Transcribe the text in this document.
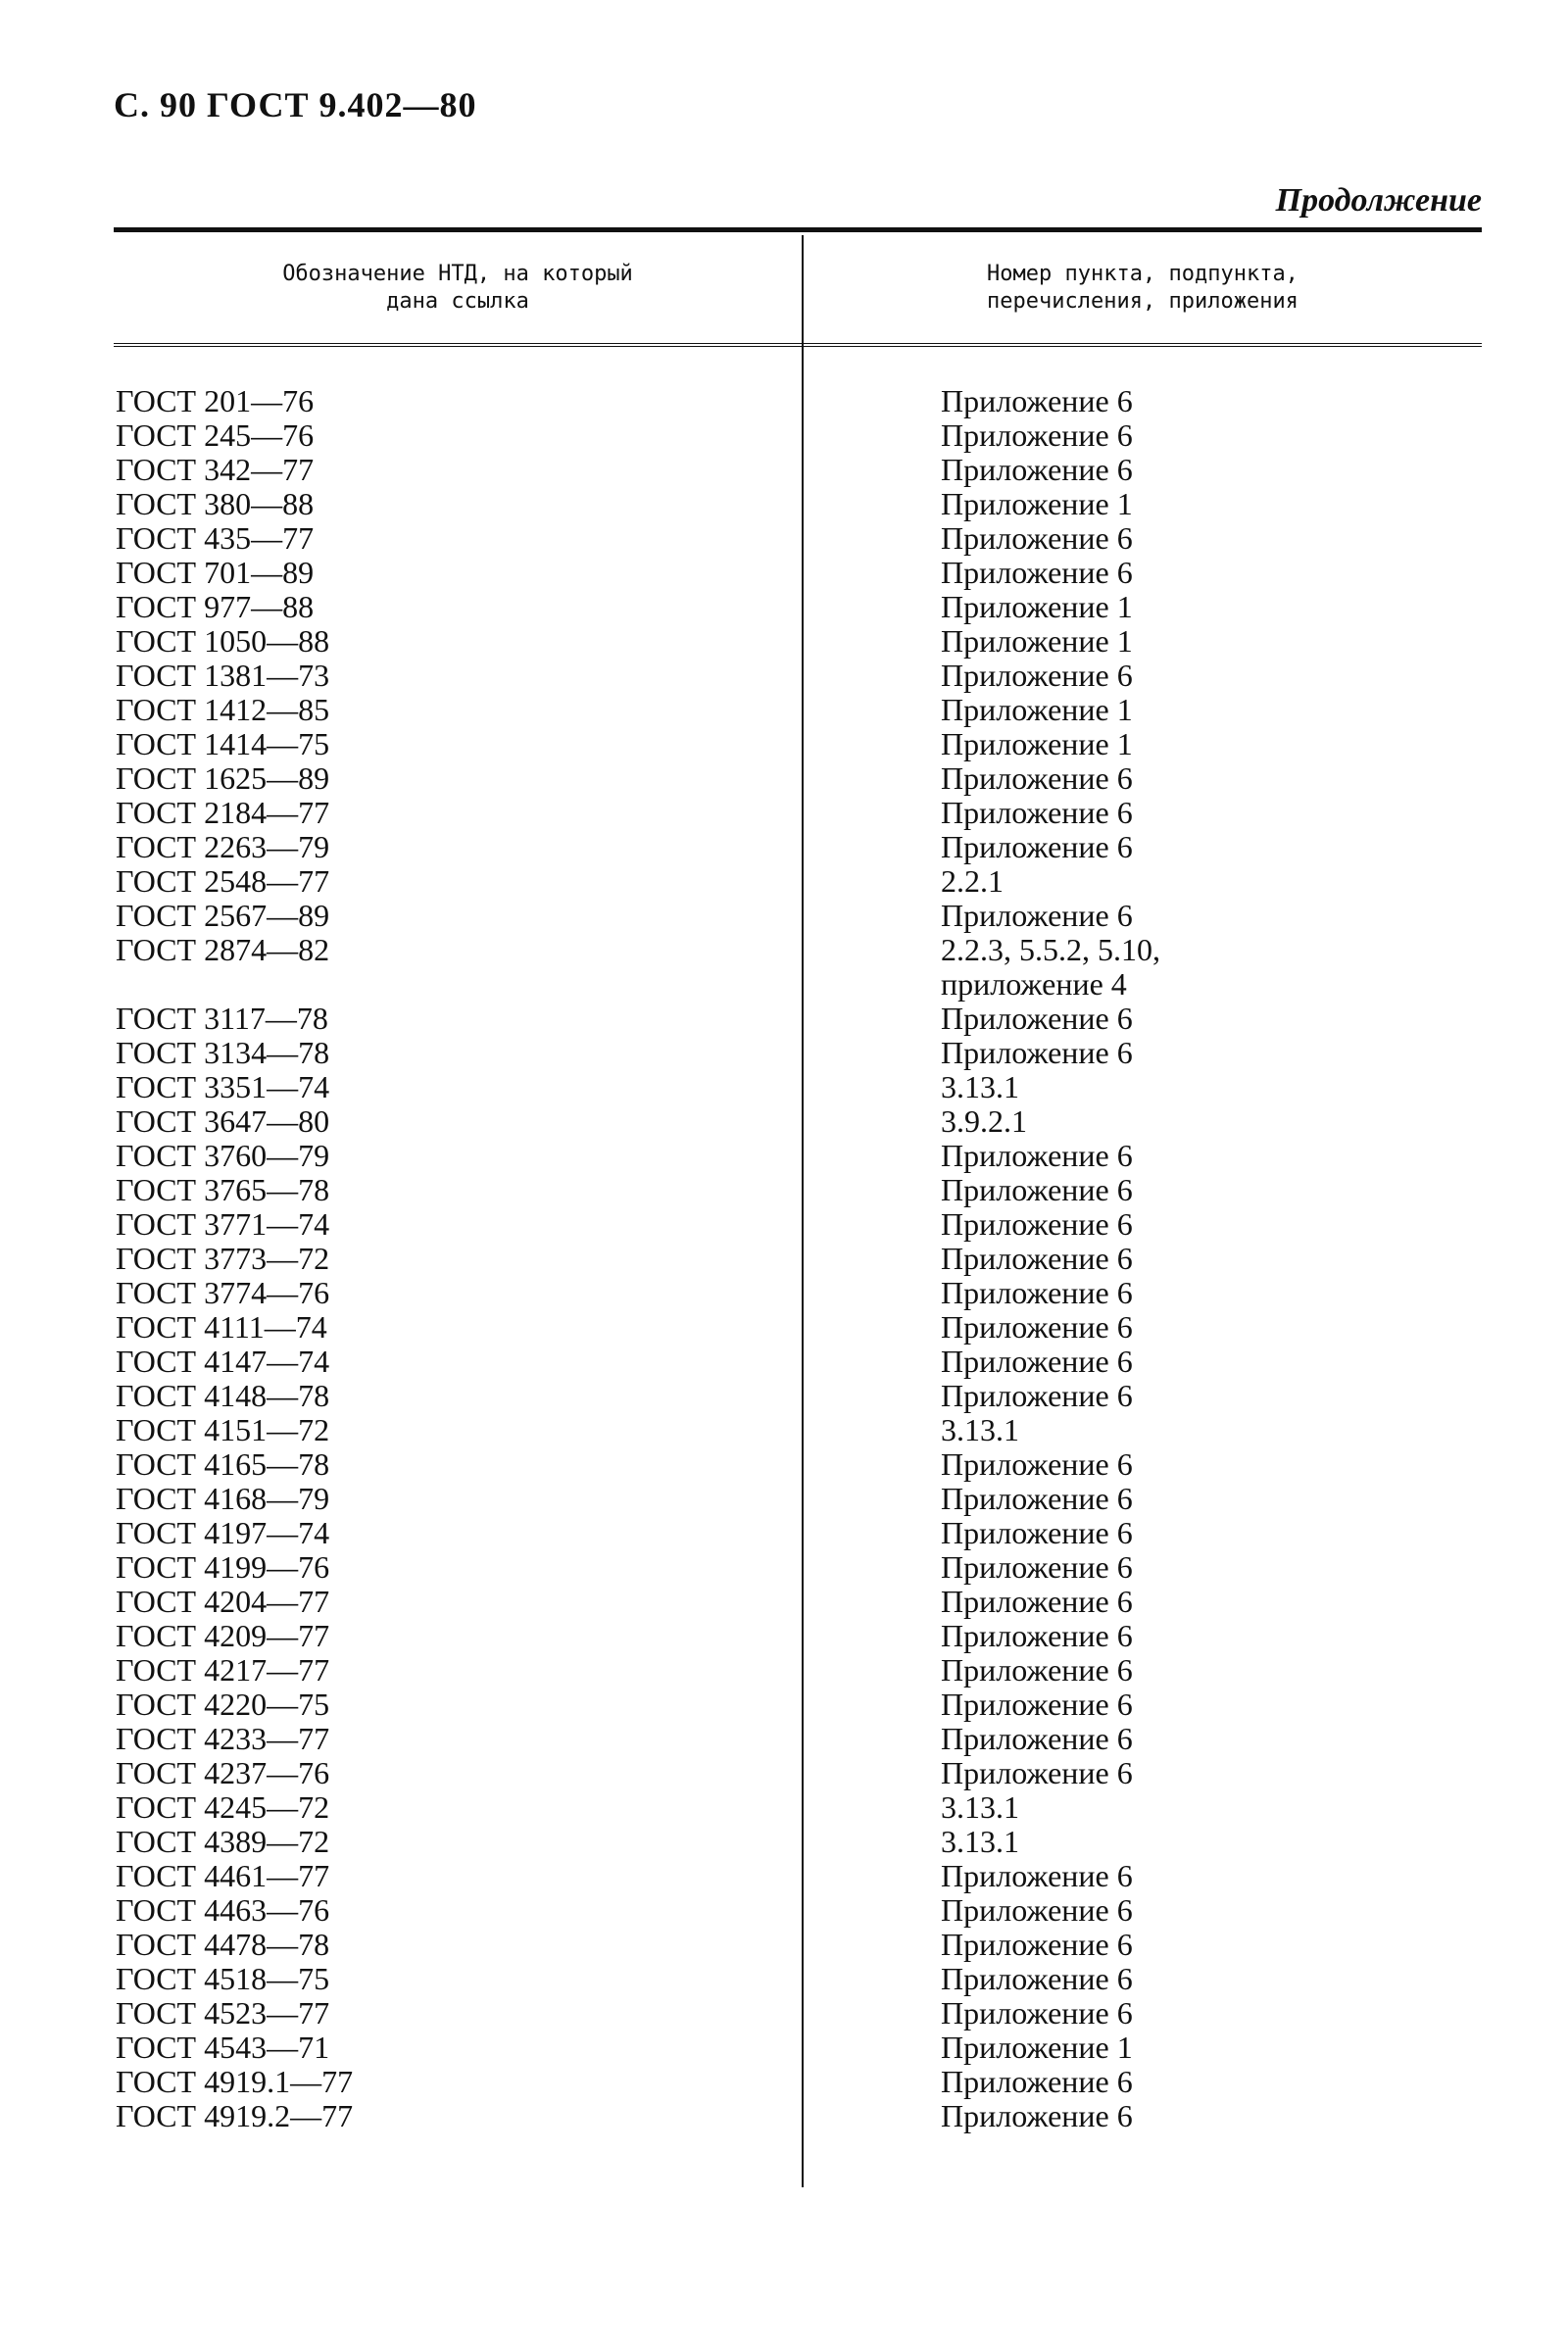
С. 90 ГОСТ 9.402—80
Продолжение
Обозначение НТД, на который
дана ссылка
Номер пункта, подпункта,
перечисления, приложения
ГОСТ 201—76	Приложение 6
ГОСТ 245—76	Приложение 6
ГОСТ 342—77	Приложение 6
ГОСТ 380—88	Приложение 1
ГОСТ 435—77	Приложение 6
ГОСТ 701—89	Приложение 6
ГОСТ 977—88	Приложение 1
ГОСТ 1050—88	Приложение 1
ГОСТ 1381—73	Приложение 6
ГОСТ 1412—85	Приложение 1
ГОСТ 1414—75	Приложение 1
ГОСТ 1625—89	Приложение 6
ГОСТ 2184—77	Приложение 6
ГОСТ 2263—79	Приложение 6
ГОСТ 2548—77	2.2.1
ГОСТ 2567—89	Приложение 6
ГОСТ 2874—82	2.2.3, 5.5.2, 5.10,
приложение 4
ГОСТ 3117—78	Приложение 6
ГОСТ 3134—78	Приложение 6
ГОСТ 3351—74	3.13.1
ГОСТ 3647—80	3.9.2.1
ГОСТ 3760—79	Приложение 6
ГОСТ 3765—78	Приложение 6
ГОСТ 3771—74	Приложение 6
ГОСТ 3773—72	Приложение 6
ГОСТ 3774—76	Приложение 6
ГОСТ 4111—74	Приложение 6
ГОСТ 4147—74	Приложение 6
ГОСТ 4148—78	Приложение 6
ГОСТ 4151—72	3.13.1
ГОСТ 4165—78	Приложение 6
ГОСТ 4168—79	Приложение 6
ГОСТ 4197—74	Приложение 6
ГОСТ 4199—76	Приложение 6
ГОСТ 4204—77	Приложение 6
ГОСТ 4209—77	Приложение 6
ГОСТ 4217—77	Приложение 6
ГОСТ 4220—75	Приложение 6
ГОСТ 4233—77	Приложение 6
ГОСТ 4237—76	Приложение 6
ГОСТ 4245—72	3.13.1
ГОСТ 4389—72	3.13.1
ГОСТ 4461—77	Приложение 6
ГОСТ 4463—76	Приложение 6
ГОСТ 4478—78	Приложение 6
ГОСТ 4518—75	Приложение 6
ГОСТ 4523—77	Приложение 6
ГОСТ 4543—71	Приложение 1
ГОСТ 4919.1—77	Приложение 6
ГОСТ 4919.2—77	Приложение 6
